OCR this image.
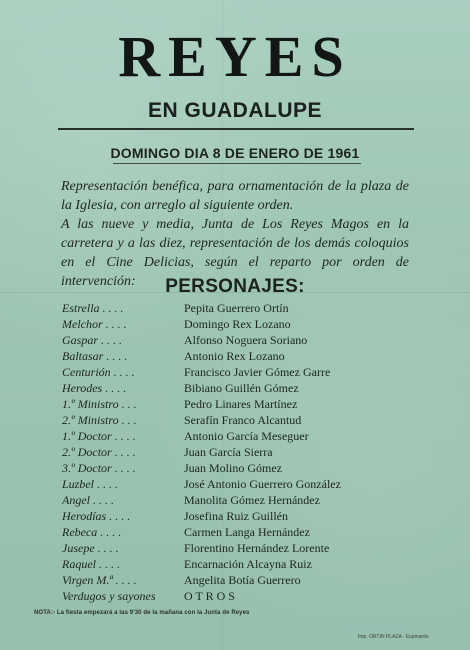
REYES
EN GUADALUPE
DOMINGO DIA 8 DE ENERO DE 1961
Representación benéfica, para ornamentación de la plaza de la Iglesia, con arreglo al siguiente orden.
A las nueve y media, Junta de Los Reyes Magos en la carretera y a las diez, representación de los demás coloquios en el Cine Delicias, según el reparto por orden de intervención:	PERSONAJES:
Estrella . . . .	Pepita Guerrero Ortín
Melchor . . . .	Domingo Rex Lozano
Gaspar . . . .	Alfonso Noguera Soriano
Baltasar . . . .	Antonio Rex Lozano
Centurión . . . .	Francisco Javier Gómez Garre
Herodes . . . .	Bibiano Guillén Gómez
1.º Ministro . . .	Pedro Linares Martínez
2.º Ministro . . .	Serafín Franco Alcantud
1.º Doctor . . . .	Antonio García Meseguer
2.º Doctor . . . .	Juan García Sierra
3.º Doctor . . . .	Juan Molino Gómez
Luzbel . . . .	José Antonio Guerrero González
Angel . . . .	Manolita Gómez Hernández
Herodías . . . .	Josefina Ruiz Guillén
Rebeca . . . .	Carmen Langa Hernández
Jusepe . . . .	Florentino Hernández Lorente
Raquel . . . .	Encarnación Alcayna Ruiz
Virgen M.ª . . . .	Angelita Botía Guerrero
Verdugos y sayones	O T R O S
NOTA:- La fiesta empezará a las 9'30 de la mañana con la Junta de Reyes
Imp. ORTIN PLAZA - Espinardo
